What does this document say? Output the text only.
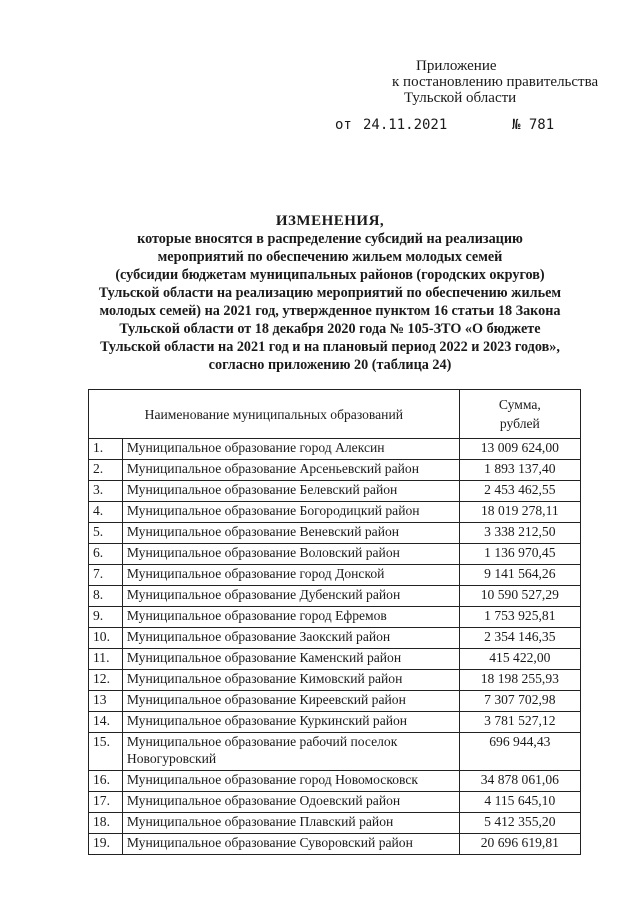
Приложение
к постановлению правительства
Тульской области
от 24.11.2021	№ 781
ИЗМЕНЕНИЯ,
которые вносятся в распределение субсидий на реализацию
мероприятий по обеспечению жильем молодых семей
(субсидии бюджетам муниципальных районов (городских округов)
Тульской области на реализацию мероприятий по обеспечению жильем
молодых семей) на 2021 год, утвержденное пунктом 16 статьи 18 Закона
Тульской области от 18 декабря 2020 года № 105-ЗТО «О бюджете
Тульской области на 2021 год и на плановый период 2022 и 2023 годов»,
согласно приложению 20 (таблица 24)
Наименование муниципальных образований		Сумма,
рублей

1.	Муниципальное образование город Алексин	13 009 624,00
2.	Муниципальное образование Арсеньевский район	1 893 137,40
3.	Муниципальное образование Белевский район	2 453 462,55
4.	Муниципальное образование Богородицкий район	18 019 278,11
5.	Муниципальное образование Веневский район	3 338 212,50
6.	Муниципальное образование Воловский район	1 136 970,45
7.	Муниципальное образование город Донской	9 141 564,26
8.	Муниципальное образование Дубенский район	10 590 527,29
9.	Муниципальное образование город Ефремов	1 753 925,81
10.	Муниципальное образование Заокский район	2 354 146,35
11.	Муниципальное образование Каменский район	415 422,00
12.	Муниципальное образование Кимовский район	18 198 255,93
13	Муниципальное образование Киреевский район	7 307 702,98
14.	Муниципальное образование Куркинский район	3 781 527,12
15.	Муниципальное образование рабочий поселок Новогуровский	696 944,43
16.	Муниципальное образование город Новомосковск	34 878 061,06
17.	Муниципальное образование Одоевский район	4 115 645,10
18.	Муниципальное образование Плавский район	5 412 355,20
19.	Муниципальное образование Суворовский район	20 696 619,81
